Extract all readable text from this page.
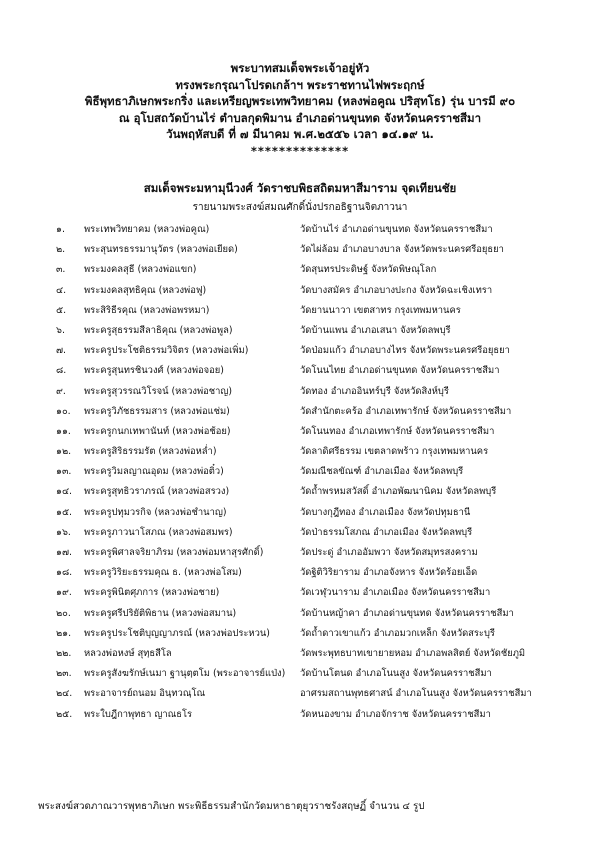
พระบาทสมเด็จพระเจ้าอยู่หัว
ทรงพระกรุณาโปรดเกล้าฯ พระราชทานไฟพระฤกษ์
พิธีพุทธาภิเษกพระกริ่ง และเหรียญพระเทพวิทยาคม (หลงพ่อคูณ ปริสุทโธ) รุ่น บารมี ๙๐
ณ อุโบสถวัดบ้านไร่ ตำบลกุดพิมาน อำเภอด่านขุนทด จังหวัดนครราชสีมา
วันพฤหัสบดี ที่ ๗ มีนาคม พ.ศ.๒๕๕๖ เวลา ๑๔.๑๙ น.
**************
สมเด็จพระมหามุนีวงศ์ วัดราชบพิธสถิตมหาสีมาราม จุดเทียนชัย
รายนามพระสงฆ์สมณศักดิ์นั่งปรกอธิฐานจิตภาวนา
๑. พระเทพวิทยาคม (หลวงพ่อคูณ)	วัดบ้านไร่ อำเภอด่านขุนทด จังหวัดนครราชสีมา
๒. พระสุนทรธรรมานุวัตร (หลวงพ่อเยียด)	วัดไผ่ล้อม อำเภอบางบาล จังหวัดพระนครศรีอยุธยา
๓. พระมงคลสุธี (หลวงพ่อแขก)	วัดสุนทรประดิษฐ์ จังหวัดพิษณุโลก
๔. พระมงคลสุทธิคุณ (หลวงพ่อฟู)	วัดบางสมัคร อำเภอบางปะกง จังหวัดฉะเชิงเทรา
๕. พระสิริธีรคุณ (หลวงพ่อพรหมา)	วัดยานนาวา เขตสาทร กรุงเทพมหานคร
๖. พระครูสุธรรมสีลาธิคุณ (หลวงพ่อพูล)	วัดบ้านแพน อำเภอเสนา จังหวัดลพบุรี
๗. พระครูประโชติธรรมวิจิตร (หลวงพ่อเพิ่ม)	วัดป่อมแก้ว อำเภอบางไทร จังหวัดพระนครศรีอยุธยา
๘. พระครูสุนทรชินวงศ์ (หลวงพ่อจอย)	วัดโนนไทย อำเภอด่านขุนทด จังหวัดนครราชสีมา
๙. พระครูสุวรรณวิโรจน์ (หลวงพ่อชาญ)	วัดทอง อำเภออินทร์บุรี จังหวัดสิงห์บุรี
๑๐. พระครูวิภัชธรรมสาร (หลวงพ่อแช่ม)	วัดสำนักตะคร้อ อำเภอเทพารักษ์ จังหวัดนครราชสีมา
๑๑. พระครูกนกเทพานันท์ (หลวงพ่อช้อย)	วัดโนนทอง อำเภอเทพารักษ์ จังหวัดนครราชสีมา
๑๒. พระครูสิริธรรมรัต (หลวงพ่อหล่ำ)	วัดลาดิศรีธรรม เขตลาดพร้าว กรุงเทพมหานคร
๑๓. พระครูวิมลญาณอุดม (หลวงพ่อติ๋ว)	วัดมณีชลขัณฑ์ อำเภอเมือง จังหวัดลพบุรี
๑๔. พระครูสุทธิวราภรณ์ (หลวงพ่อสรวง)	วัดถ้ำพรหมสวัสดิ์ อำเภอพัฒนานิคม จังหวัดลพบุรี
๑๕. พระครูปทุมวรกิจ (หลวงพ่อชำนาญ)	วัดบางกุฎีทอง อำเภอเมือง จังหวัดปทุมธานี
๑๖. พระครูภาวนาโสภณ (หลวงพ่อสมพร)	วัดป่าธรรมโสภณ อำเภอเมือง จังหวัดลพบุรี
๑๗. พระครูพิศาลจริยาภิรม (หลวงพ่อมหาสุรศักดิ์)	วัดประดู่ อำเภออัมพวา จังหวัดสมุทรสงคราม
๑๘. พระครูวิริยะธรรมคุณ ธ. (หลวงพ่อโสม)	วัดฐิติวิริยาราม อำเภอจังหาร จังหวัดร้อยเอ็ด
๑๙. พระครูพินิตศุภการ (หลวงพ่อชาย)	วัดเวฬุวนาราม อำเภอเมือง จังหวัดนครราชสีมา
๒๐. พระครูศรีปริยัติพิธาน (หลวงพ่อสมาน)	วัดบ้านหญ้าคา อำเภอด่านขุนทด จังหวัดนครราชสีมา
๒๑. พระครูประโชติบุญญาภรณ์ (หลวงพ่อประหวน)	วัดถ้ำดาวเขาแก้ว อำเภอมวกเหล็ก จังหวัดสระบุรี
๒๒. หลวงพ่อหงษ์ สุทฺธสีโล	วัดพระพุทธบาทเขายายหอม อำเภอพลสิตย์ จังหวัดชัยภูมิ
๒๓. พระครูสังฆรักษ์เนมา ฐานุตฺตโม (พระอาจารย์แป่ง) วัดบ้านโตนด อำเภอโนนสูง จังหวัดนครราชสีมา
๒๔. พระอาจารย์ถนอม อินฺทวณฺโณ	อาศรมสถานพุทธศาสน์ อำเภอโนนสูง จังหวัดนครราชสีมา
๒๕. พระใบฎีกาพุทธา ญาณธโร	วัดหนองขาม อำเภอจักราช จังหวัดนครราชสีมา
พระสงฆ์สวดภาณวารพุทธาภิเษก พระพิธีธรรมสำนักวัดมหาธาตุยุวราชรังสฤษฏิ์ จำนวน ๔ รูป
